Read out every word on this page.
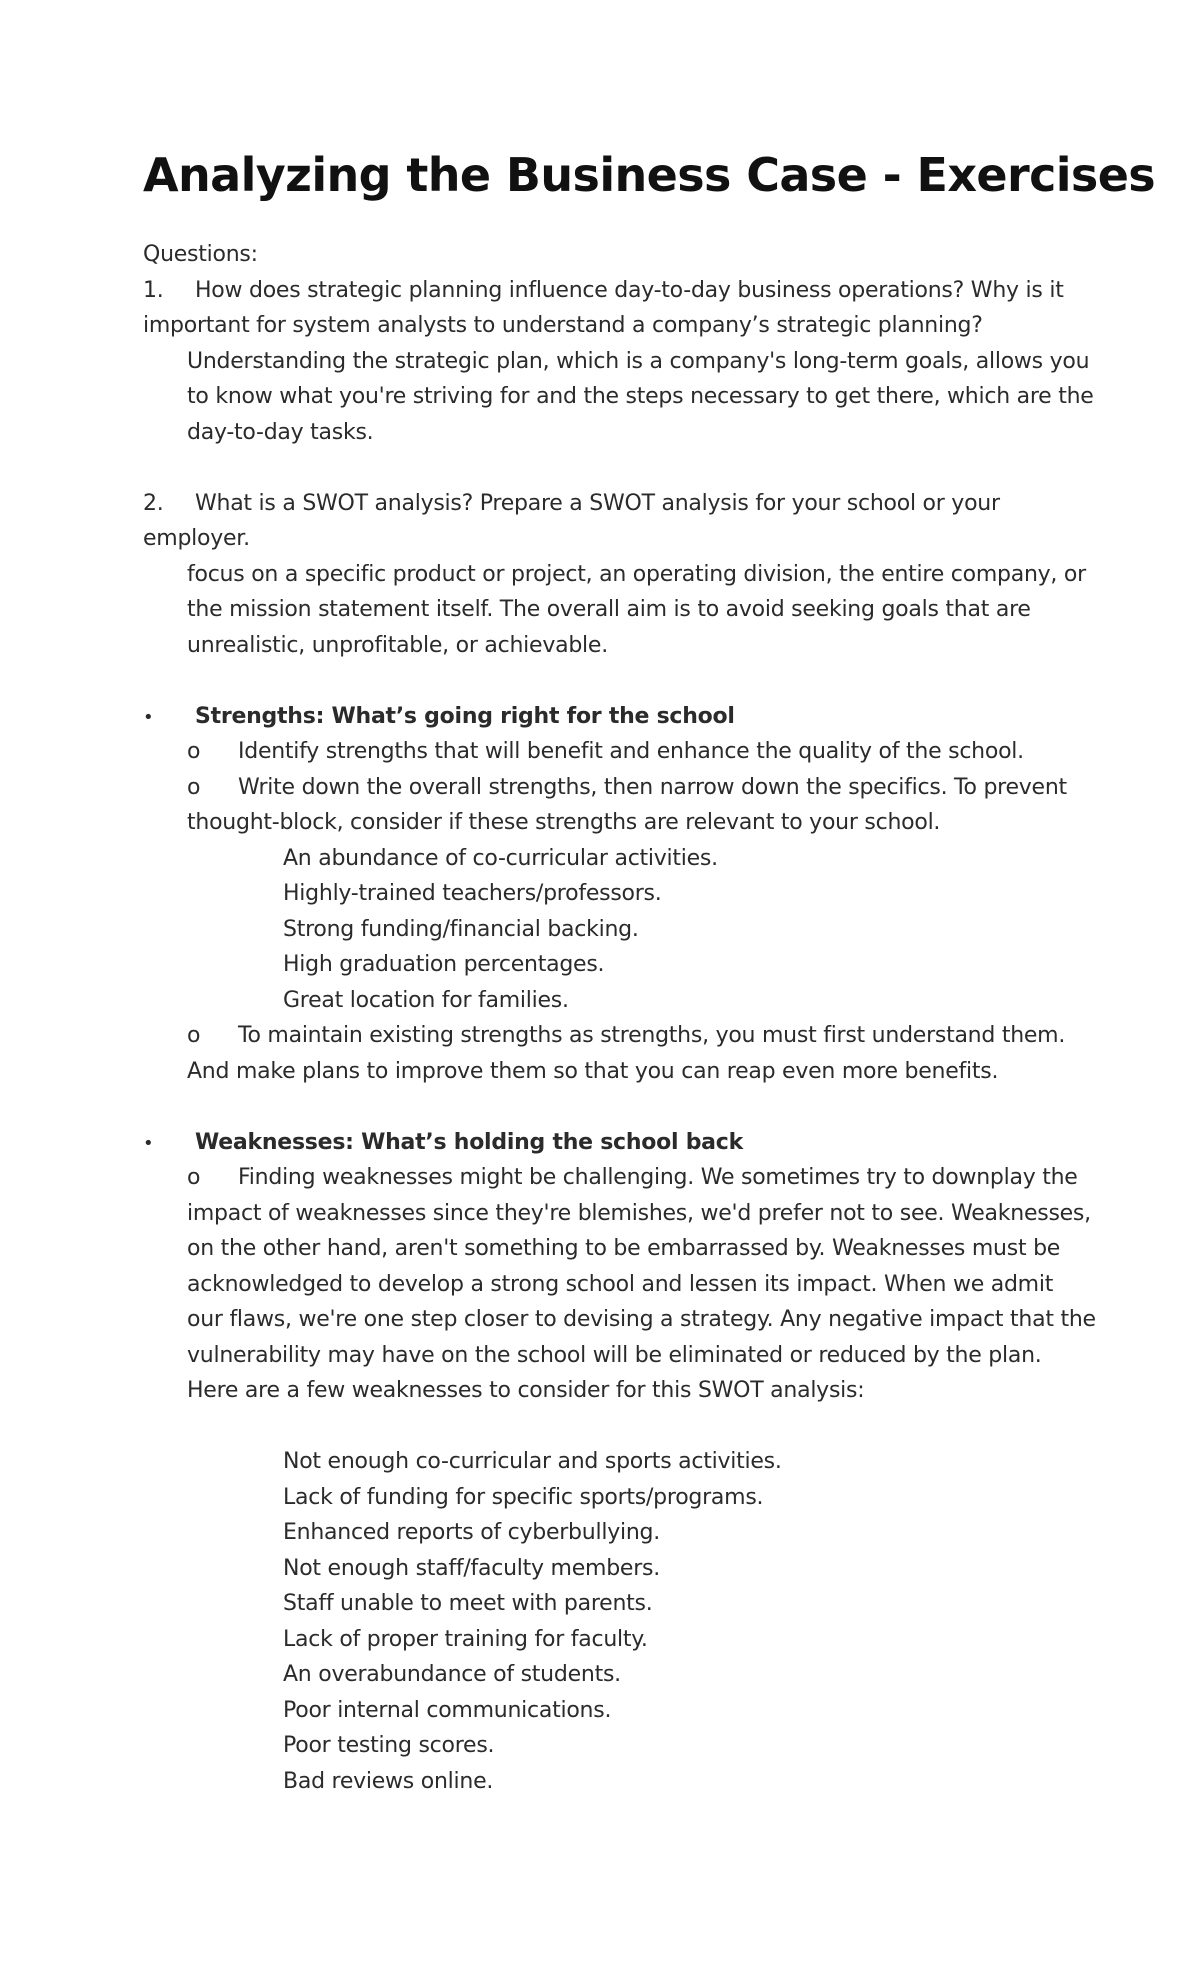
Analyzing the Business Case - Exercises
Questions:
1. How does strategic planning influence day-to-day business operations? Why is it
important for system analysts to understand a company’s strategic planning?
Understanding the strategic plan, which is a company's long-term goals, allows you
to know what you're striving for and the steps necessary to get there, which are the
day-to-day tasks.
2. What is a SWOT analysis? Prepare a SWOT analysis for your school or your
employer.
focus on a specific product or project, an operating division, the entire company, or
the mission statement itself. The overall aim is to avoid seeking goals that are
unrealistic, unprofitable, or achievable.
• Strengths: What’s going right for the school
o Identify strengths that will benefit and enhance the quality of the school.
o Write down the overall strengths, then narrow down the specifics. To prevent
thought-block, consider if these strengths are relevant to your school.
An abundance of co-curricular activities.
Highly-trained teachers/professors.
Strong funding/financial backing.
High graduation percentages.
Great location for families.
o To maintain existing strengths as strengths, you must first understand them.
And make plans to improve them so that you can reap even more benefits.
• Weaknesses: What’s holding the school back
o Finding weaknesses might be challenging. We sometimes try to downplay the
impact of weaknesses since they're blemishes, we'd prefer not to see. Weaknesses,
on the other hand, aren't something to be embarrassed by. Weaknesses must be
acknowledged to develop a strong school and lessen its impact. When we admit
our flaws, we're one step closer to devising a strategy. Any negative impact that the
vulnerability may have on the school will be eliminated or reduced by the plan.
Here are a few weaknesses to consider for this SWOT analysis:
Not enough co-curricular and sports activities.
Lack of funding for specific sports/programs.
Enhanced reports of cyberbullying.
Not enough staff/faculty members.
Staff unable to meet with parents.
Lack of proper training for faculty.
An overabundance of students.
Poor internal communications.
Poor testing scores.
Bad reviews online.
